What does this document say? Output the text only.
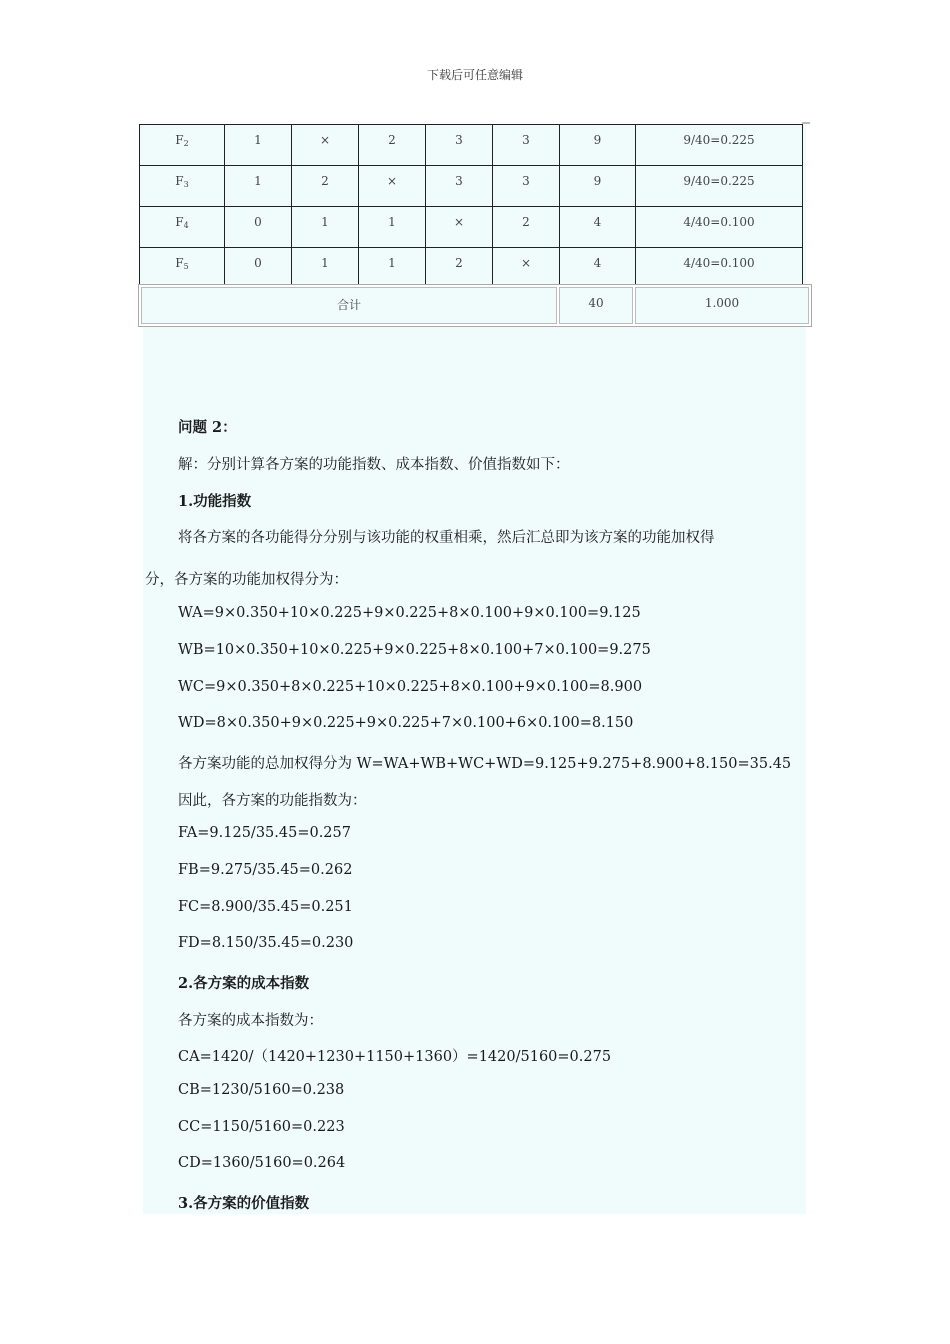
下载后可任意编辑
F2	1	×	2	3	3	9	9/40=0.225
F3	1	2	×	3	3	9	9/40=0.225
F4	0	1	1	×	2	4	4/40=0.100
F5	0	1	1	2	×	4	4/40=0.100
合计	40	1.000
问题 2：
解：分别计算各方案的功能指数、成本指数、价值指数如下：
1.功能指数
将各方案的各功能得分分别与该功能的权重相乘，然后汇总即为该方案的功能加权得
分，各方案的功能加权得分为：
WA=9×0.350+10×0.225+9×0.225+8×0.100+9×0.100=9.125
WB=10×0.350+10×0.225+9×0.225+8×0.100+7×0.100=9.275
WC=9×0.350+8×0.225+10×0.225+8×0.100+9×0.100=8.900
WD=8×0.350+9×0.225+9×0.225+7×0.100+6×0.100=8.150
各方案功能的总加权得分为 W=WA+WB+WC+WD=9.125+9.275+8.900+8.150=35.45
因此，各方案的功能指数为：
FA=9.125/35.45=0.257
FB=9.275/35.45=0.262
FC=8.900/35.45=0.251
FD=8.150/35.45=0.230
2.各方案的成本指数
各方案的成本指数为：
CA=1420/（1420+1230+1150+1360）=1420/5160=0.275
CB=1230/5160=0.238
CC=1150/5160=0.223
CD=1360/5160=0.264
3.各方案的价值指数
